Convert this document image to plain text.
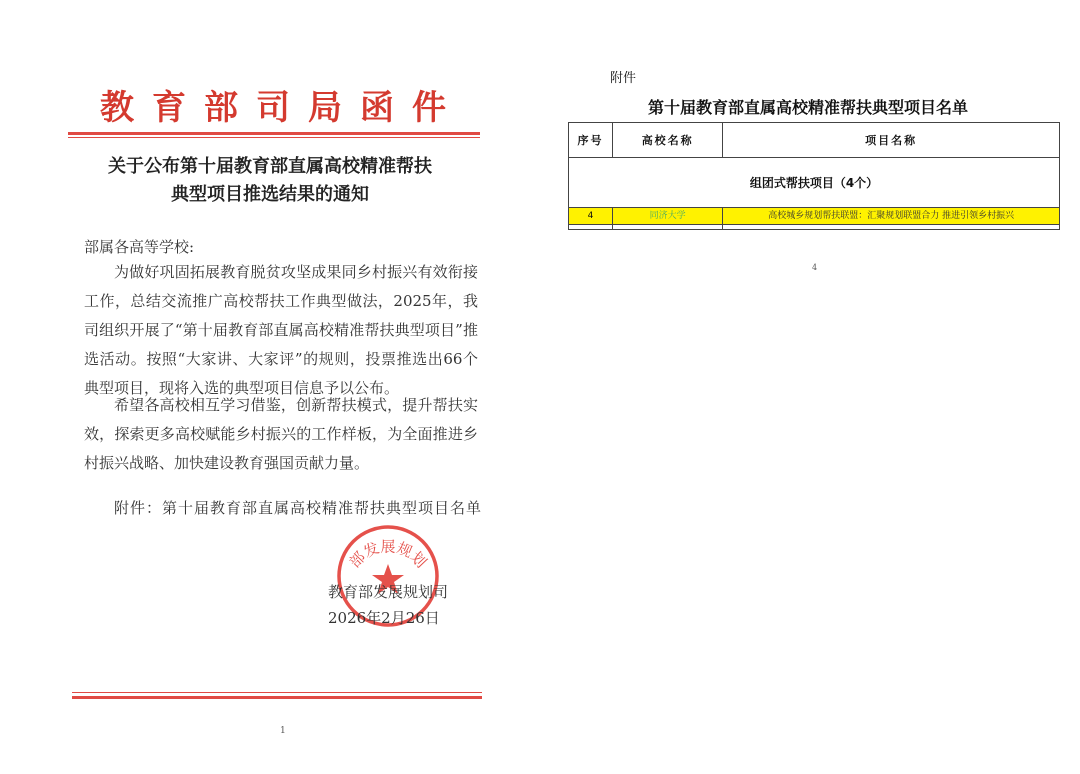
教育部司局函件
关于公布第十届教育部直属高校精准帮扶
典型项目推选结果的通知
部属各高等学校:
为做好巩固拓展教育脱贫攻坚成果同乡村振兴有效衔接工作，总结交流推广高校帮扶工作典型做法，2025年，我司组织开展了“第十届教育部直属高校精准帮扶典型项目”推选活动。按照“大家讲、大家评”的规则，投票推选出66个典型项目，现将入选的典型项目信息予以公布。
希望各高校相互学习借鉴，创新帮扶模式，提升帮扶实效，探索更多高校赋能乡村振兴的工作样板，为全面推进乡村振兴战略、加快建设教育强国贡献力量。
附件：第十届教育部直属高校精准帮扶典型项目名单
部发展规划
教育部发展规划司
2026年2月26日
1
附件
第十届教育部直属高校精准帮扶典型项目名单
序号	高校名称	项目名称
组团式帮扶项目（4个）		

4	同济大学	高校城乡规划帮扶联盟：汇聚规划联盟合力 推进引领乡村振兴

4
